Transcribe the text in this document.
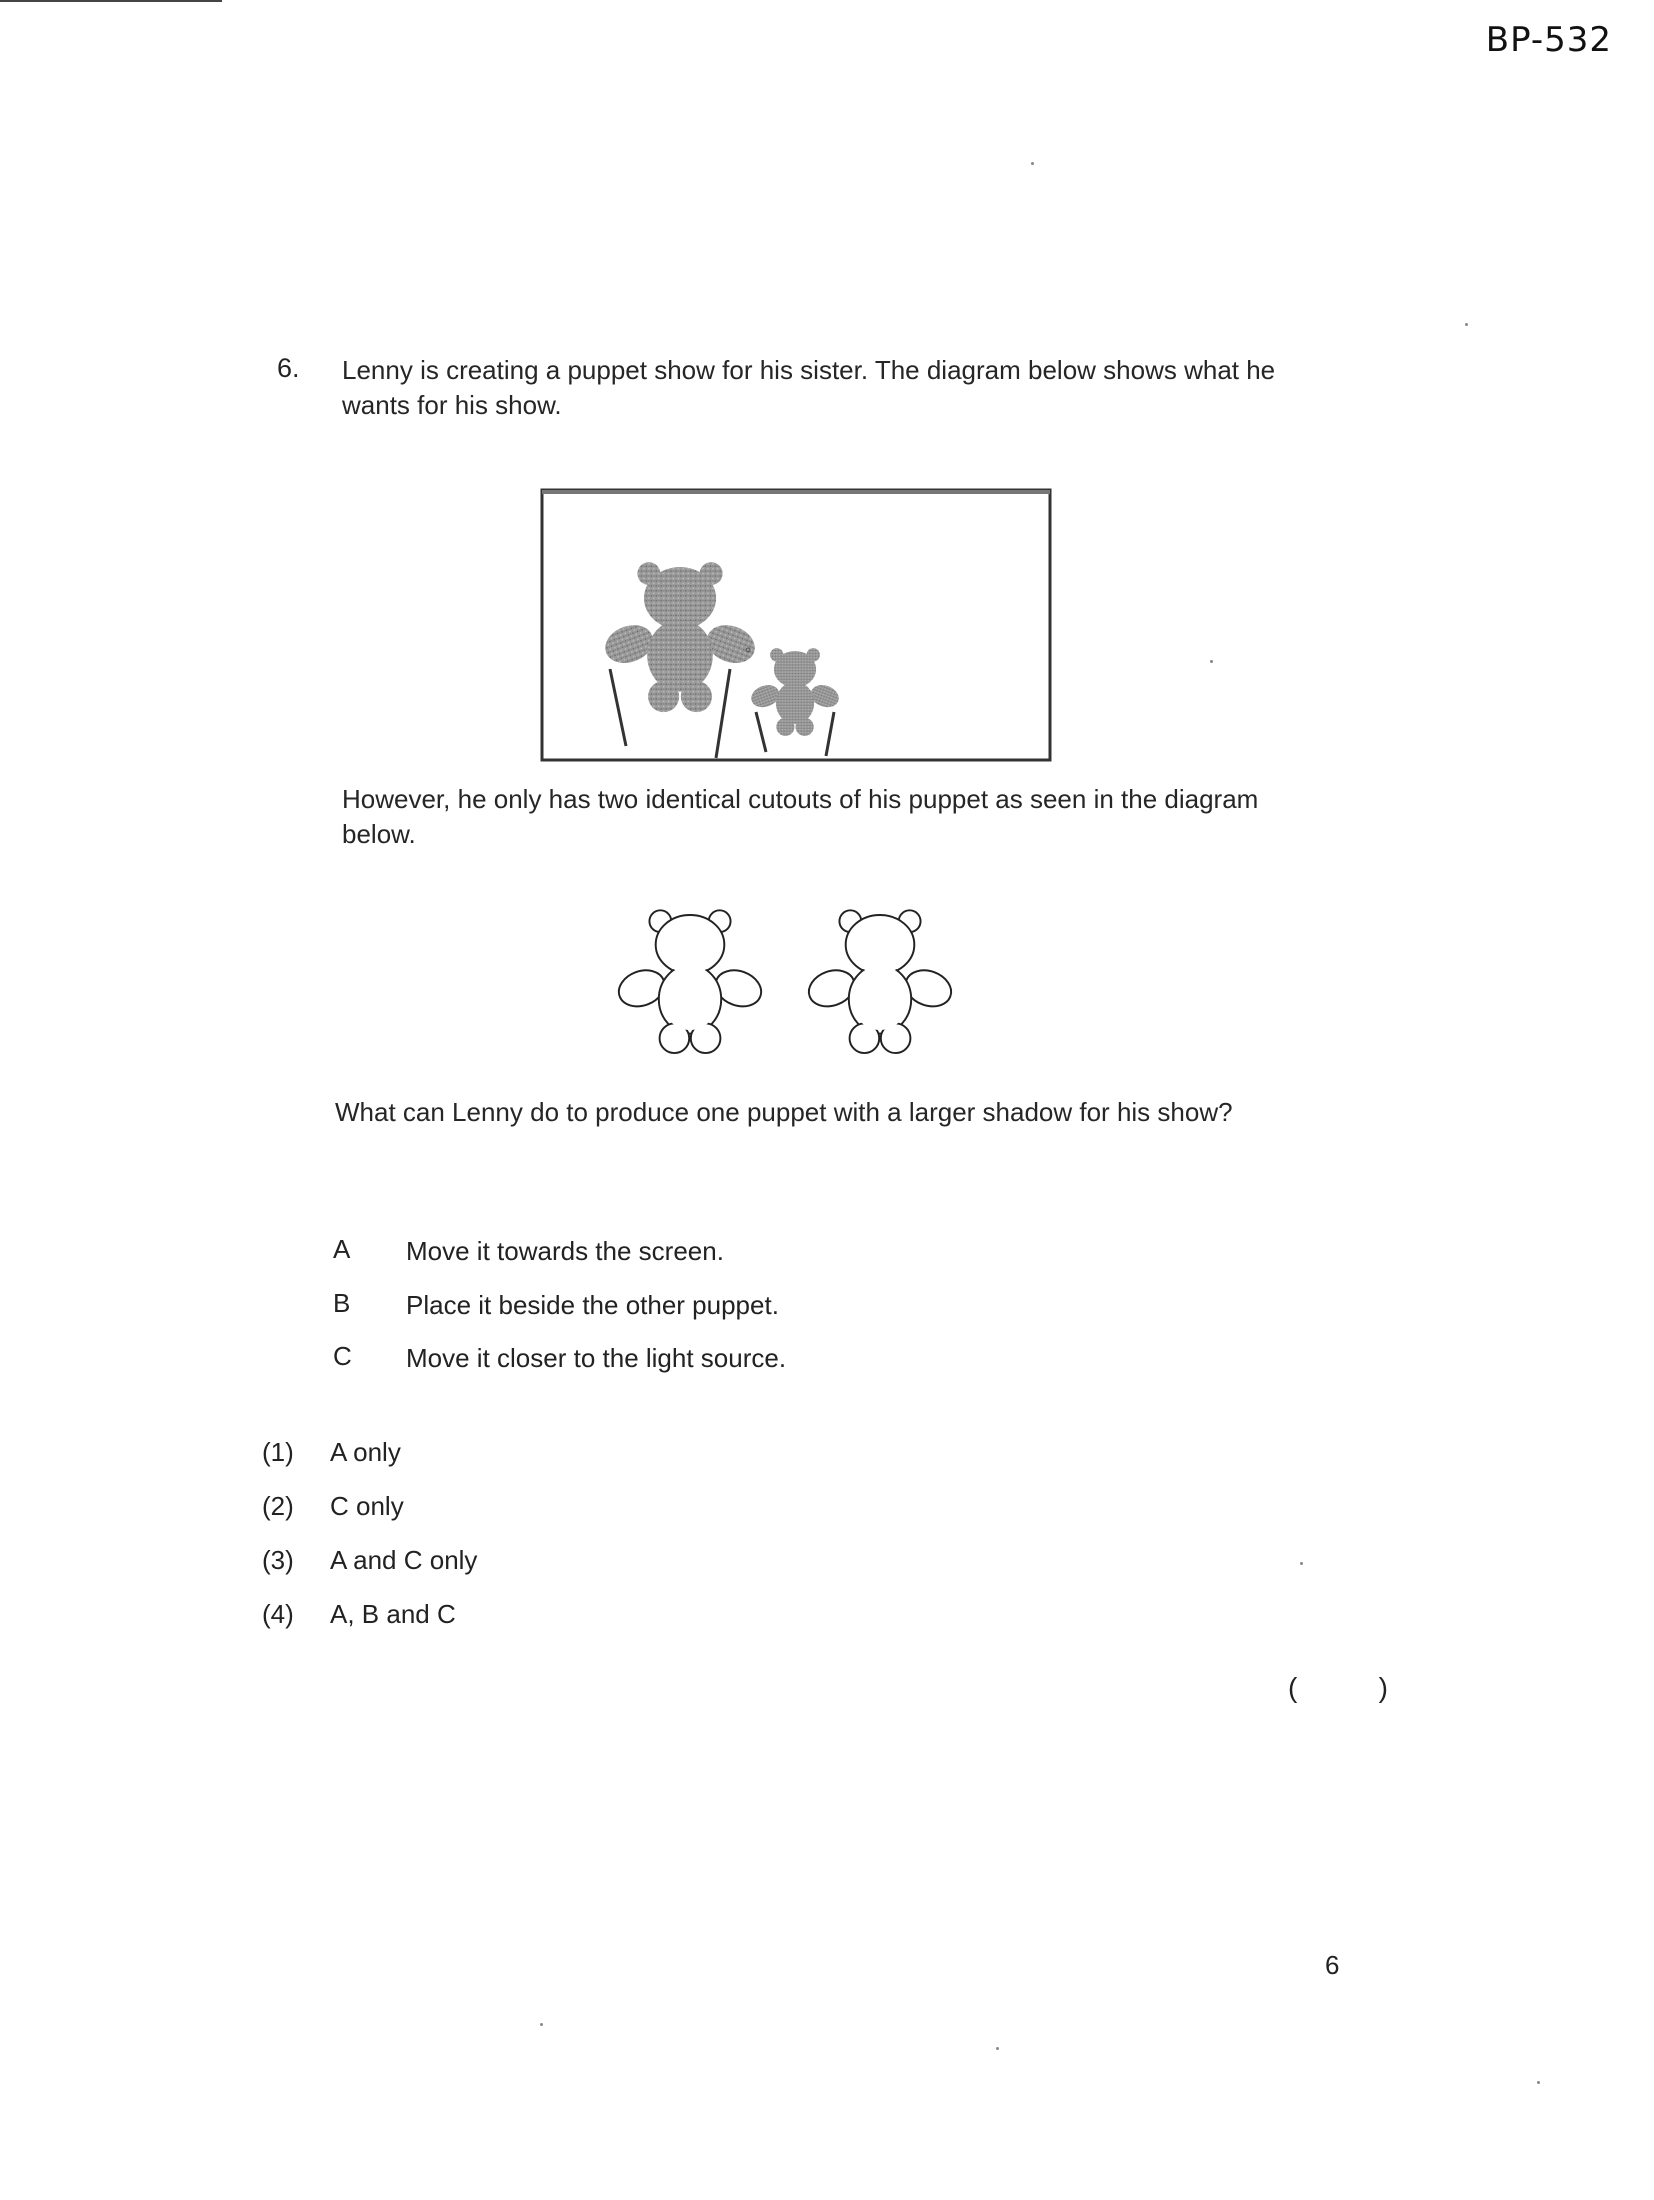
BP-532
6. Lenny is creating a puppet show for his sister. The diagram below shows what he wants for his show.
However, he only has two identical cutouts of his puppet as seen in the diagram below.
What can Lenny do to produce one puppet with a larger shadow for his show?
A Move it towards the screen.
B Place it beside the other puppet.
C Move it closer to the light source.
(1) A only
(2) C only
(3) A and C only
(4) A, B and C
(	)
6
